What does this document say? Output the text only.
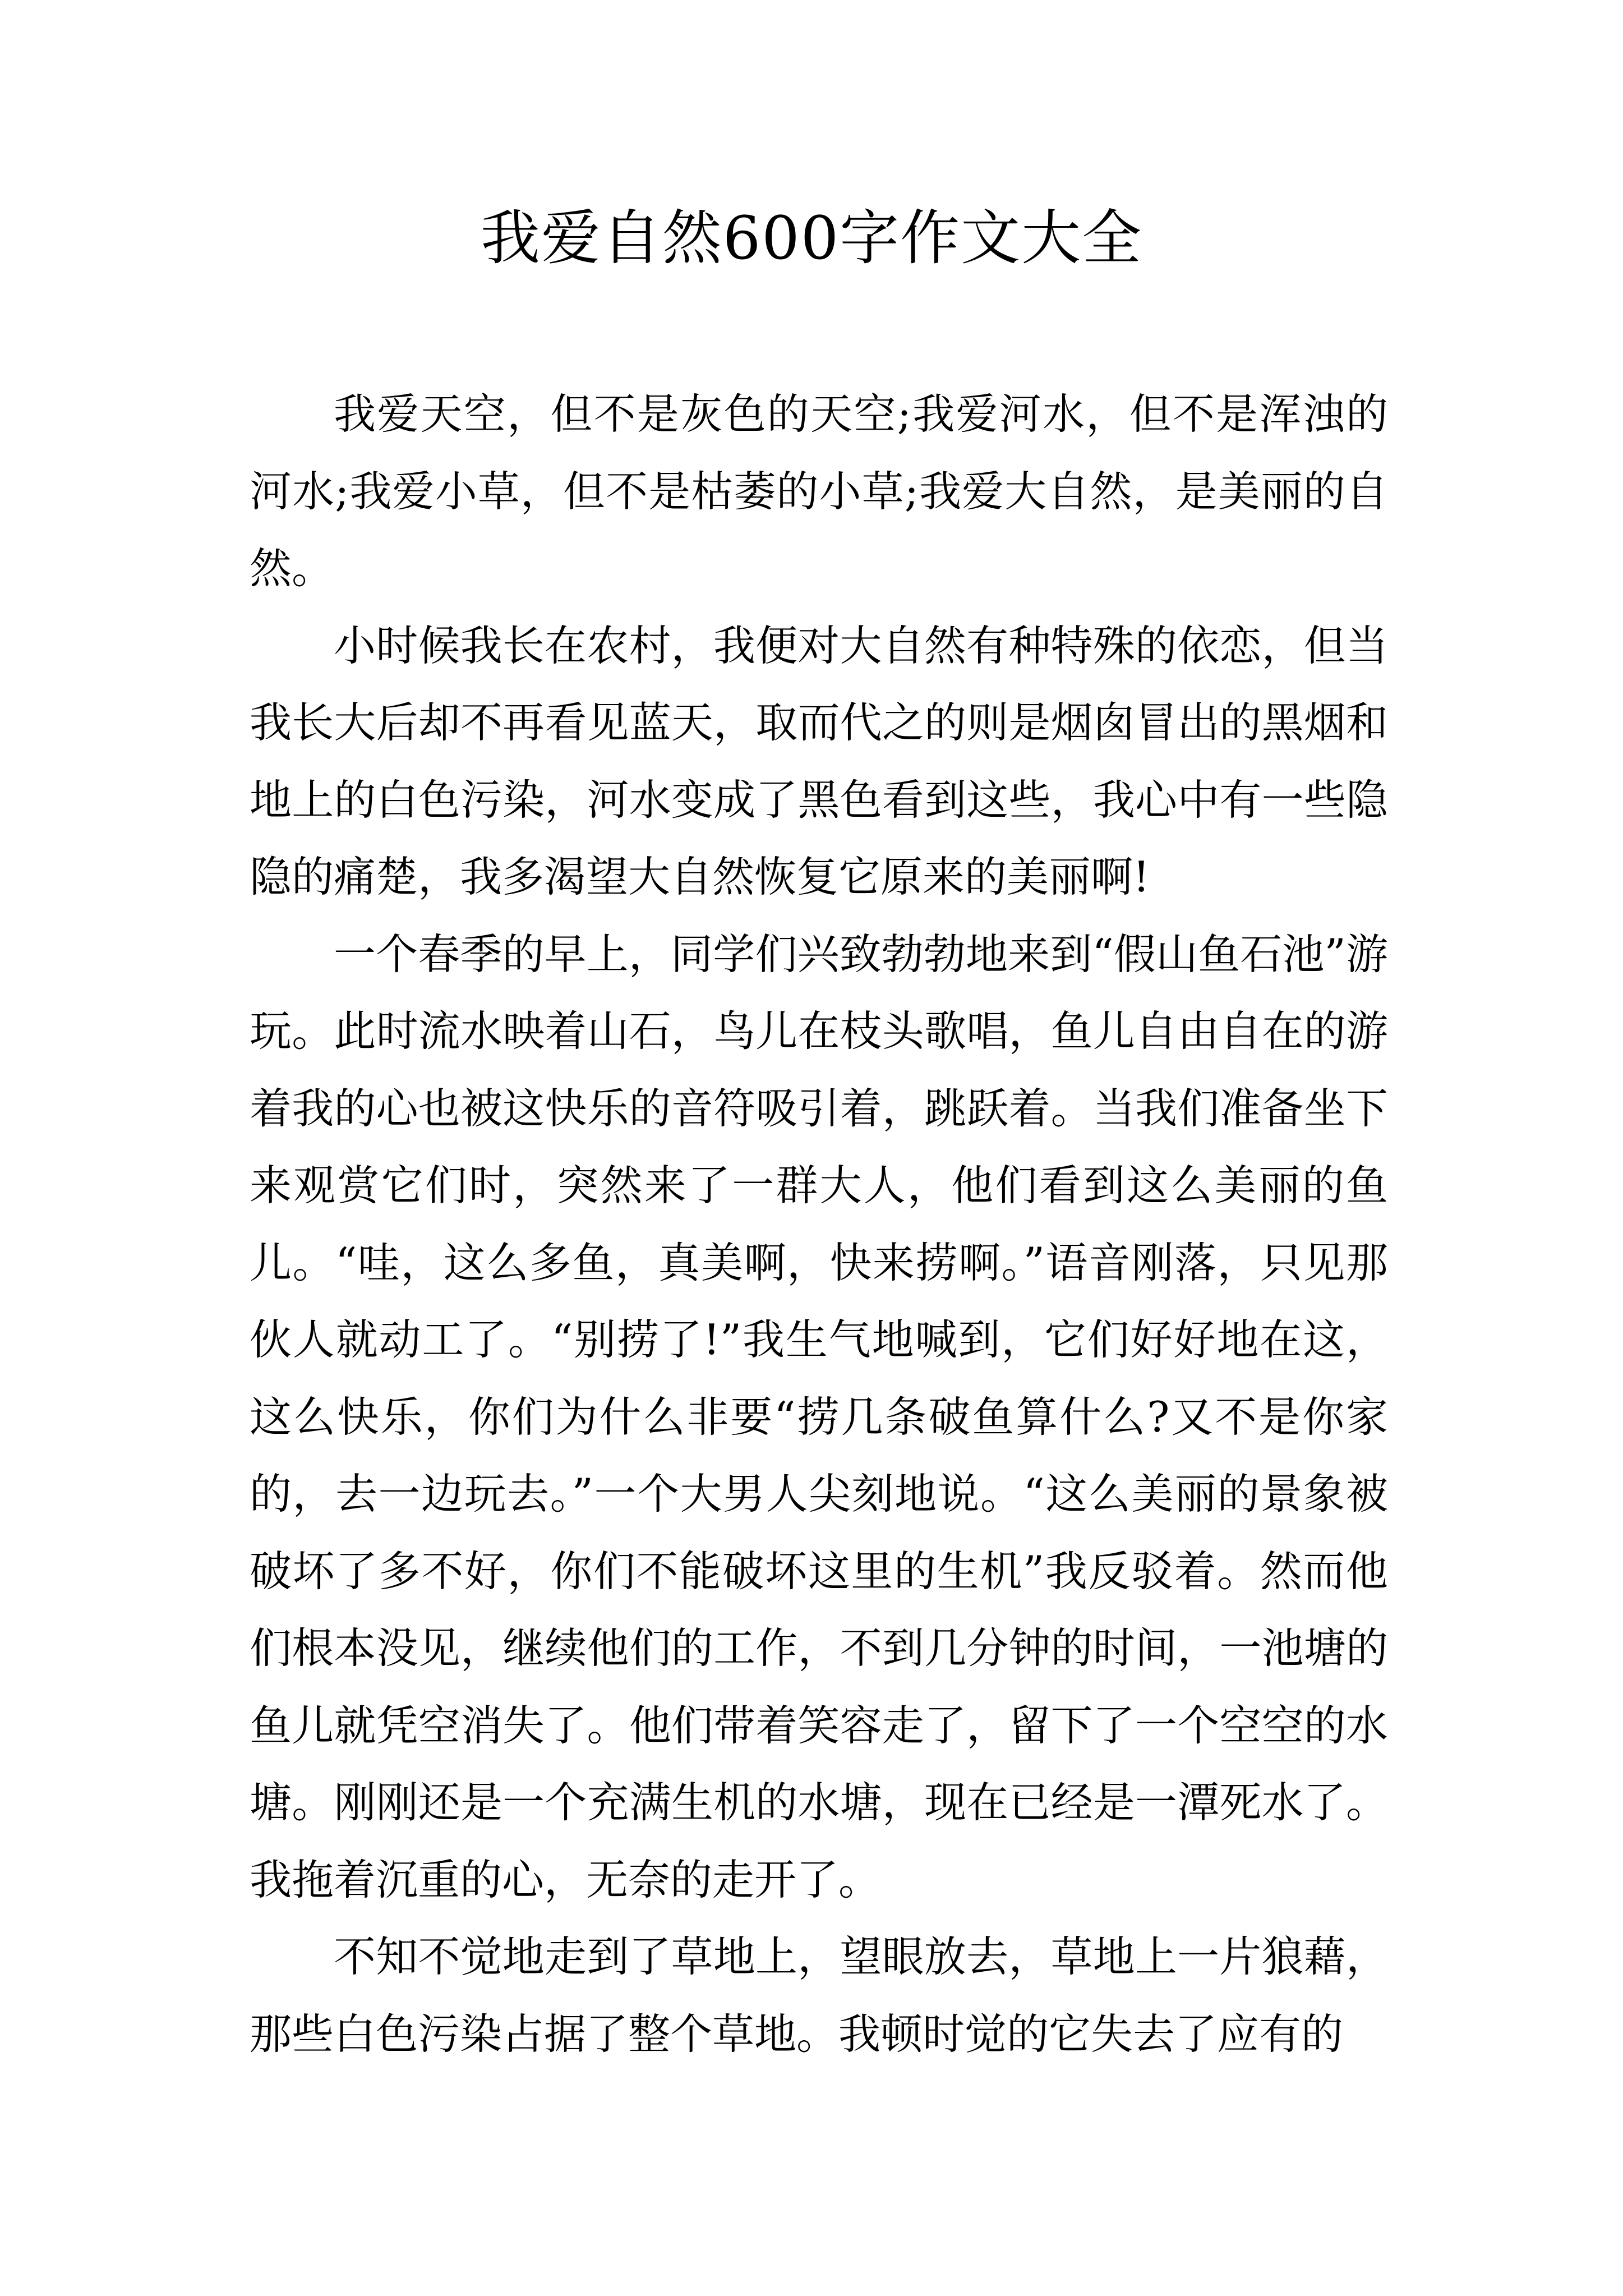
我爱自然600字作文大全

我爱天空，但不是灰色的天空;我爱河水，但不是浑浊的河水;我爱小草，但不是枯萎的小草;我爱大自然，是美丽的自然。

小时候我长在农村，我便对大自然有种特殊的依恋，但当我长大后却不再看见蓝天，取而代之的则是烟囱冒出的黑烟和地上的白色污染，河水变成了黑色看到这些，我心中有一些隐隐的痛楚，我多渴望大自然恢复它原来的美丽啊!

一个春季的早上，同学们兴致勃勃地来到“假山鱼石池”游玩。此时流水映着山石，鸟儿在枝头歌唱，鱼儿自由自在的游着我的心也被这快乐的音符吸引着，跳跃着。当我们准备坐下来观赏它们时，突然来了一群大人，他们看到这么美丽的鱼儿。“哇，这么多鱼，真美啊，快来捞啊。”语音刚落，只见那伙人就动工了。“别捞了!”我生气地喊到，它们好好地在这，这么快乐，你们为什么非要“捞几条破鱼算什么?又不是你家的，去一边玩去。”一个大男人尖刻地说。“这么美丽的景象被破坏了多不好，你们不能破坏这里的生机”我反驳着。然而他们根本没见，继续他们的工作，不到几分钟的时间，一池塘的鱼儿就凭空消失了。他们带着笑容走了，留下了一个空空的水塘。刚刚还是一个充满生机的水塘，现在已经是一潭死水了。我拖着沉重的心，无奈的走开了。

不知不觉地走到了草地上，望眼放去，草地上一片狼藉，那些白色污染占据了整个草地。我顿时觉的它失去了应有的
